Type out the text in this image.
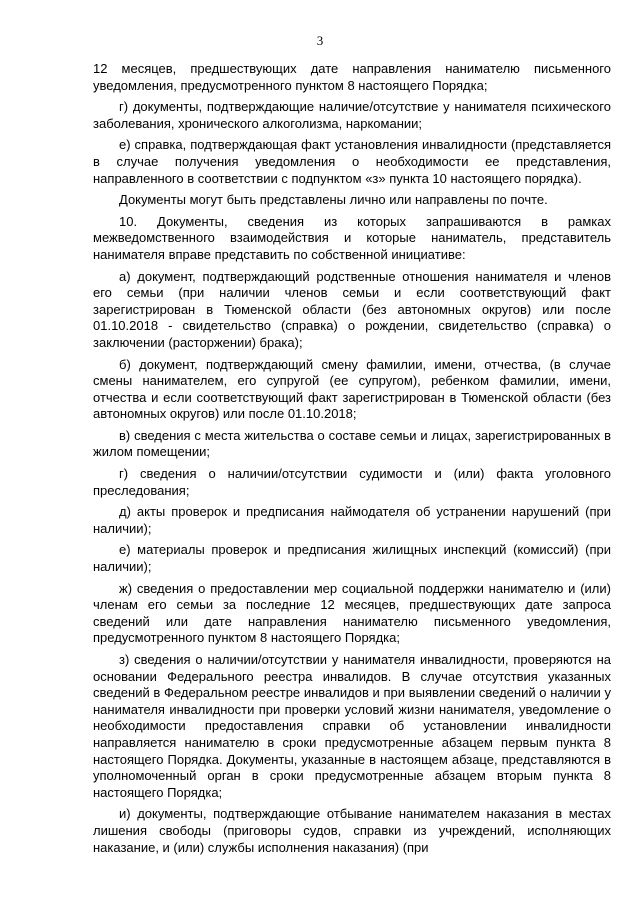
3

12 месяцев, предшествующих дате направления нанимателю письменного уведомления, предусмотренного пунктом 8 настоящего Порядка;

г) документы, подтверждающие наличие/отсутствие у нанимателя психического заболевания, хронического алкоголизма, наркомании;

е) справка, подтверждающая факт установления инвалидности (представляется в случае получения уведомления о необходимости ее представления, направленного в соответствии с подпунктом «з» пункта 10 настоящего порядка).

Документы могут быть представлены лично или направлены по почте.

10. Документы, сведения из которых запрашиваются в рамках межведомственного взаимодействия и которые наниматель, представитель нанимателя вправе представить по собственной инициативе:

а) документ, подтверждающий родственные отношения нанимателя и членов его семьи (при наличии членов семьи и если соответствующий факт зарегистрирован в Тюменской области (без автономных округов) или после 01.10.2018 - свидетельство (справка) о рождении, свидетельство (справка) о заключении (расторжении) брака);

б) документ, подтверждающий смену фамилии, имени, отчества, (в случае смены нанимателем, его супругой (ее супругом), ребенком фамилии, имени, отчества и если соответствующий факт зарегистрирован в Тюменской области (без автономных округов) или после 01.10.2018;

в) сведения с места жительства о составе семьи и лицах, зарегистрированных в жилом помещении;

г) сведения о наличии/отсутствии судимости и (или) факта уголовного преследования;

д) акты проверок и предписания наймодателя об устранении нарушений (при наличии);

е) материалы проверок и предписания жилищных инспекций (комиссий) (при наличии);

ж) сведения о предоставлении мер социальной поддержки нанимателю и (или) членам его семьи за последние 12 месяцев, предшествующих дате запроса сведений или дате направления нанимателю письменного уведомления, предусмотренного пунктом 8 настоящего Порядка;

з) сведения о наличии/отсутствии у нанимателя инвалидности, проверяются на основании Федерального реестра инвалидов. В случае отсутствия указанных сведений в Федеральном реестре инвалидов и при выявлении сведений о наличии у нанимателя инвалидности при проверки условий жизни нанимателя, уведомление о необходимости предоставления справки об установлении инвалидности направляется нанимателю в сроки предусмотренные абзацем первым пункта 8 настоящего Порядка. Документы, указанные в настоящем абзаце, представляются в уполномоченный орган в сроки предусмотренные абзацем вторым пункта 8 настоящего Порядка;

и) документы, подтверждающие отбывание нанимателем наказания в местах лишения свободы (приговоры судов, справки из учреждений, исполняющих наказание, и (или) службы исполнения наказания) (при
